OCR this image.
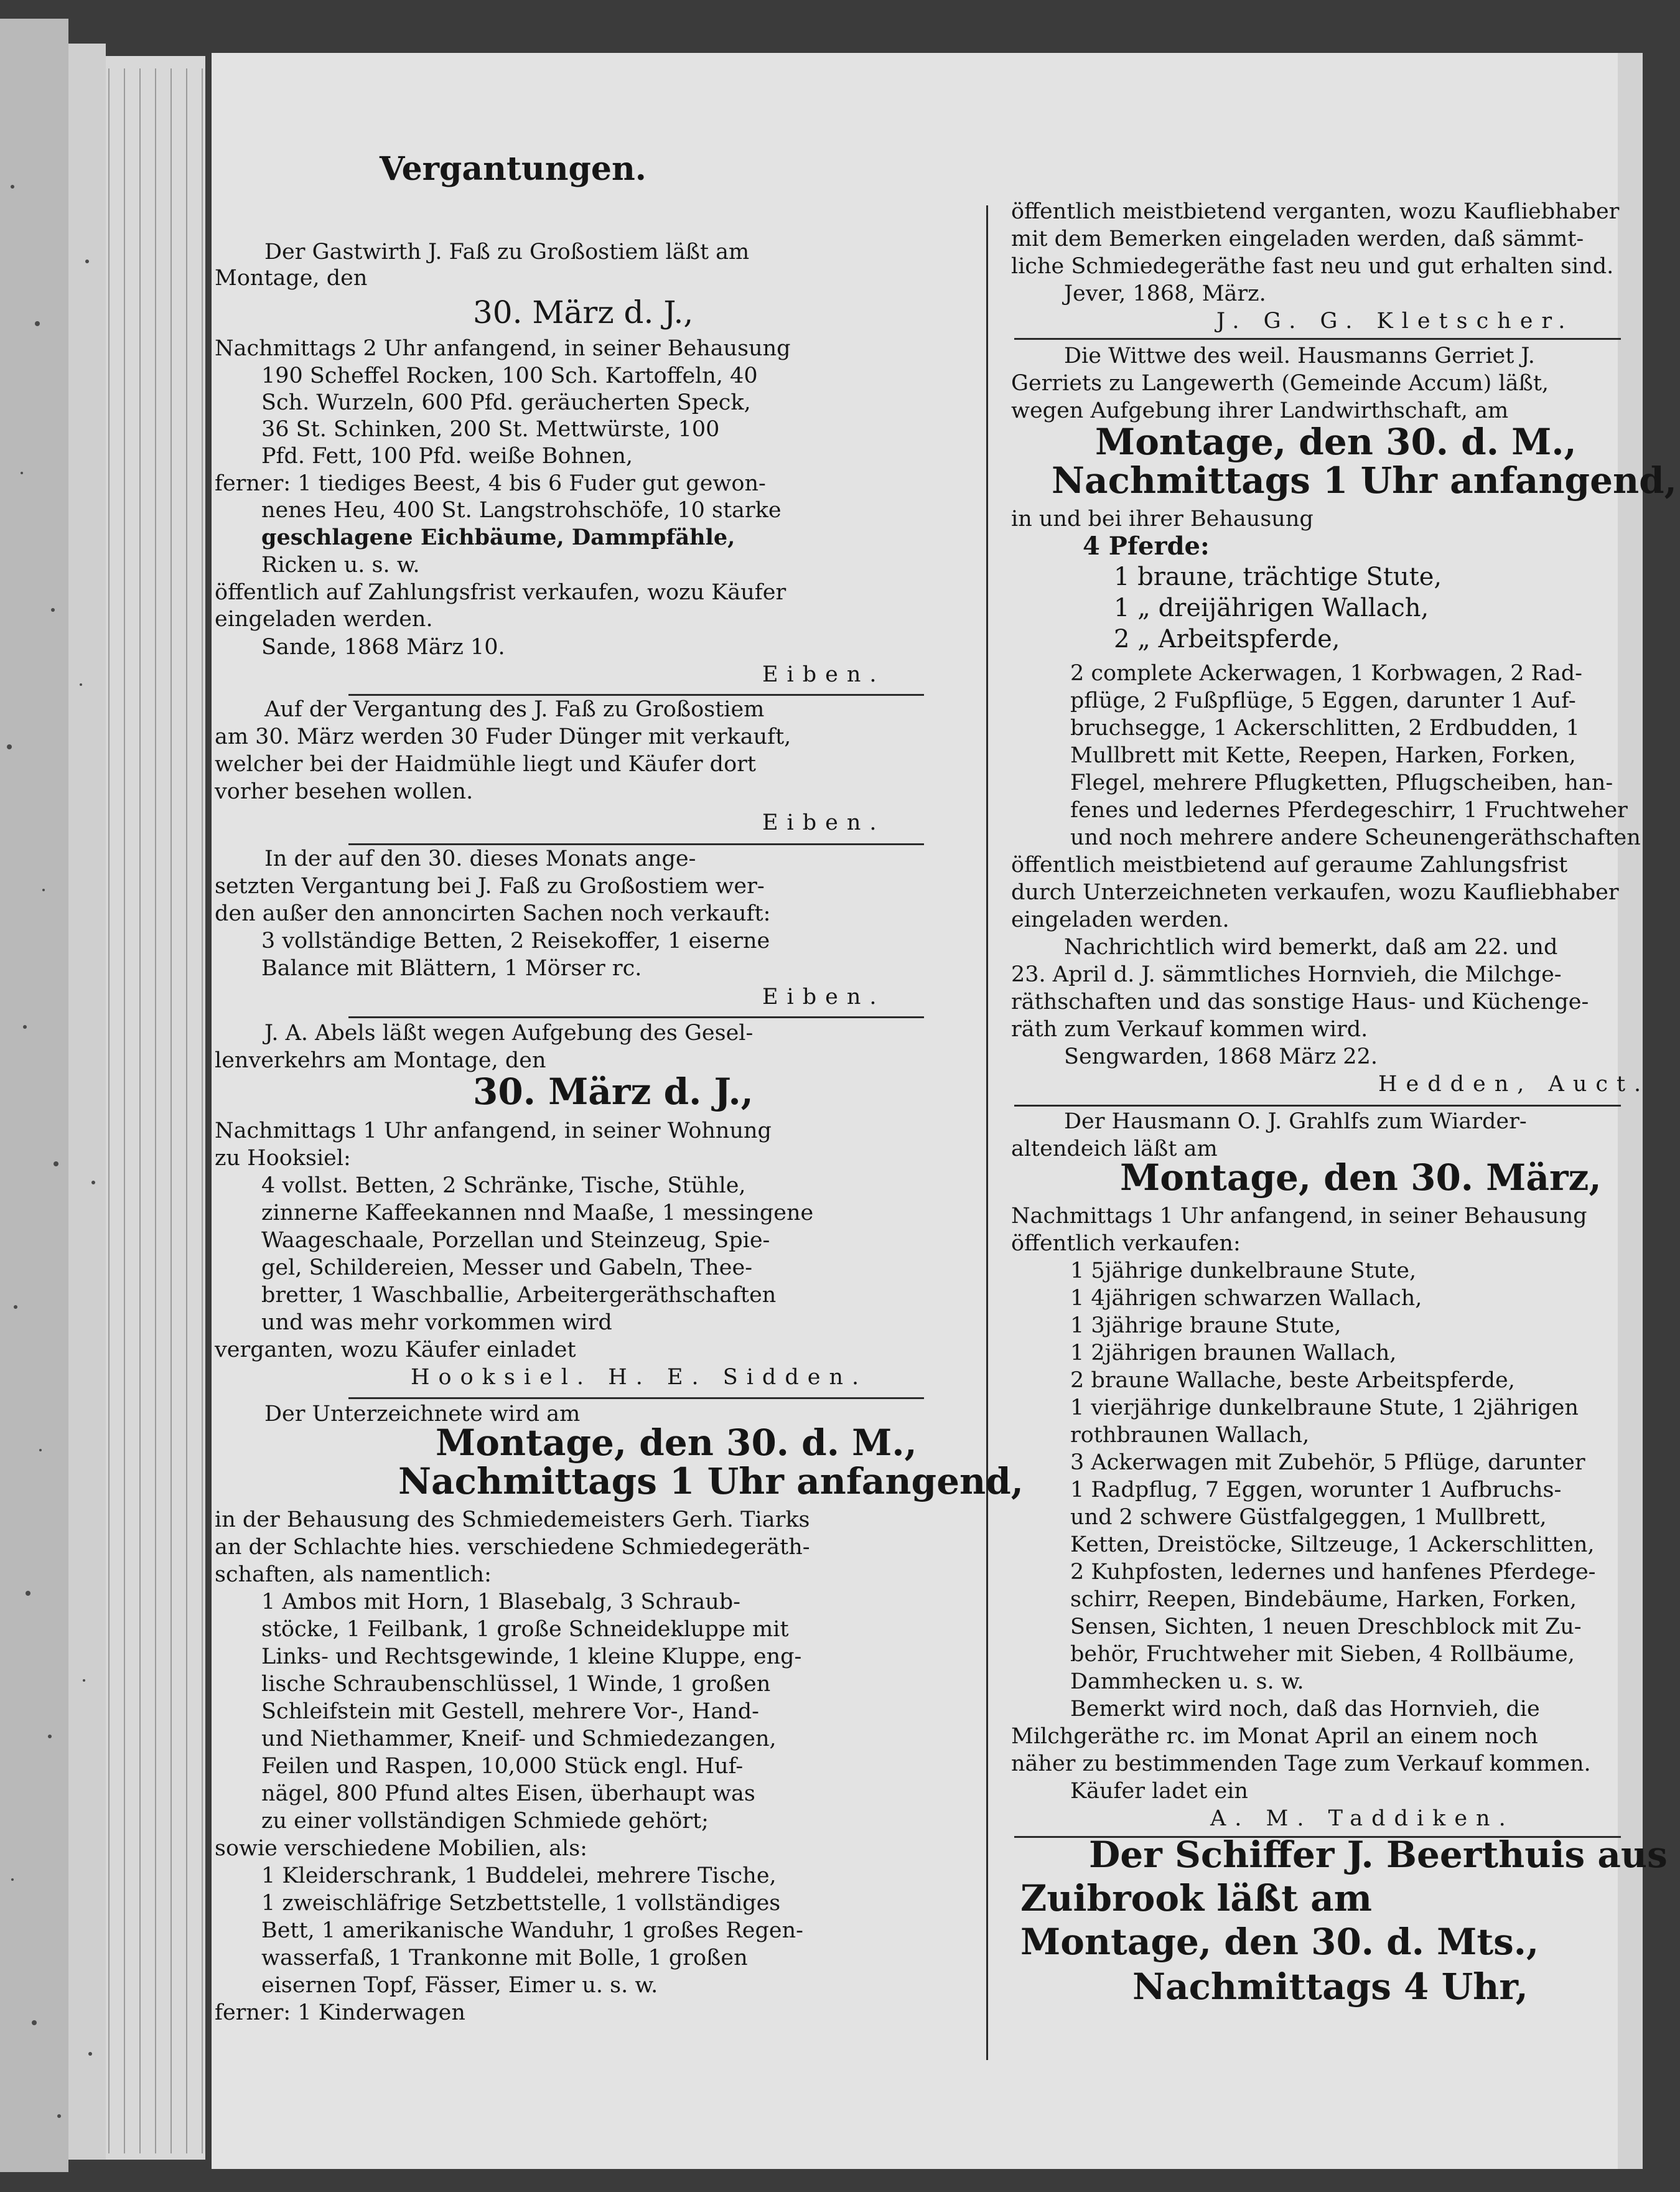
Vergantungen.
Der Gastwirth J. Faß zu Großostiem läßt am
Montage, den
30. März d. J.,
Nachmittags 2 Uhr anfangend, in seiner Behausung
190 Scheffel Rocken, 100 Sch. Kartoffeln, 40
Sch. Wurzeln, 600 Pfd. geräucherten Speck,
36 St. Schinken, 200 St. Mettwürste, 100
Pfd. Fett, 100 Pfd. weiße Bohnen,
ferner: 1 tiediges Beest, 4 bis 6 Fuder gut gewon-
nenes Heu, 400 St. Langstrohschöfe, 10 starke
geschlagene Eichbäume, Dammpfähle,
Ricken u. s. w.
öffentlich auf Zahlungsfrist verkaufen, wozu Käufer
eingeladen werden.
Sande, 1868 März 10.
Eiben.
Auf der Vergantung des J. Faß zu Großostiem
am 30. März werden 30 Fuder Dünger mit verkauft,
welcher bei der Haidmühle liegt und Käufer dort
vorher besehen wollen.
Eiben.
In der auf den 30. dieses Monats ange-
setzten Vergantung bei J. Faß zu Großostiem wer-
den außer den annoncirten Sachen noch verkauft:
3 vollständige Betten, 2 Reisekoffer, 1 eiserne
Balance mit Blättern, 1 Mörser rc.
Eiben.
J. A. Abels läßt wegen Aufgebung des Gesel-
lenverkehrs am Montage, den
30. März d. J.,
Nachmittags 1 Uhr anfangend, in seiner Wohnung
zu Hooksiel:
4 vollst. Betten, 2 Schränke, Tische, Stühle,
zinnerne Kaffeekannen nnd Maaße, 1 messingene
Waageschaale, Porzellan und Steinzeug, Spie-
gel, Schildereien, Messer und Gabeln, Thee-
bretter, 1 Waschballie, Arbeitergeräthschaften
und was mehr vorkommen wird
verganten, wozu Käufer einladet
Hooksiel. H. E. Sidden.
Der Unterzeichnete wird am
Montage, den 30. d. M.,
Nachmittags 1 Uhr anfangend,
in der Behausung des Schmiedemeisters Gerh. Tiarks
an der Schlachte hies. verschiedene Schmiedegeräth-
schaften, als namentlich:
1 Ambos mit Horn, 1 Blasebalg, 3 Schraub-
stöcke, 1 Feilbank, 1 große Schneidekluppe mit
Links- und Rechtsgewinde, 1 kleine Kluppe, eng-
lische Schraubenschlüssel, 1 Winde, 1 großen
Schleifstein mit Gestell, mehrere Vor-, Hand-
und Niethammer, Kneif- und Schmiedezangen,
Feilen und Raspen, 10,000 Stück engl. Huf-
nägel, 800 Pfund altes Eisen, überhaupt was
zu einer vollständigen Schmiede gehört;
sowie verschiedene Mobilien, als:
1 Kleiderschrank, 1 Buddelei, mehrere Tische,
1 zweischläfrige Setzbettstelle, 1 vollständiges
Bett, 1 amerikanische Wanduhr, 1 großes Regen-
wasserfaß, 1 Trankonne mit Bolle, 1 großen
eisernen Topf, Fässer, Eimer u. s. w.
ferner: 1 Kinderwagen
öffentlich meistbietend verganten, wozu Kaufliebhaber
mit dem Bemerken eingeladen werden, daß sämmt-
liche Schmiedegeräthe fast neu und gut erhalten sind.
Jever, 1868, März.
J. G. G. Kletscher.
Die Wittwe des weil. Hausmanns Gerriet J.
Gerriets zu Langewerth (Gemeinde Accum) läßt,
wegen Aufgebung ihrer Landwirthschaft, am
Montage, den 30. d. M.,
Nachmittags 1 Uhr anfangend,
in und bei ihrer Behausung
4 Pferde:
1 braune, trächtige Stute,
1 „ dreijährigen Wallach,
2 „ Arbeitspferde,
2 complete Ackerwagen, 1 Korbwagen, 2 Rad-
pflüge, 2 Fußpflüge, 5 Eggen, darunter 1 Auf-
bruchsegge, 1 Ackerschlitten, 2 Erdbudden, 1
Mullbrett mit Kette, Reepen, Harken, Forken,
Flegel, mehrere Pflugketten, Pflugscheiben, han-
fenes und ledernes Pferdegeschirr, 1 Fruchtweher
und noch mehrere andere Scheunengeräthschaften
öffentlich meistbietend auf geraume Zahlungsfrist
durch Unterzeichneten verkaufen, wozu Kaufliebhaber
eingeladen werden.
Nachrichtlich wird bemerkt, daß am 22. und
23. April d. J. sämmtliches Hornvieh, die Milchge-
räthschaften und das sonstige Haus- und Küchenge-
räth zum Verkauf kommen wird.
Sengwarden, 1868 März 22.
Hedden, Auct.
Der Hausmann O. J. Grahlfs zum Wiarder-
altendeich läßt am
Montage, den 30. März,
Nachmittags 1 Uhr anfangend, in seiner Behausung
öffentlich verkaufen:
1 5jährige dunkelbraune Stute,
1 4jährigen schwarzen Wallach,
1 3jährige braune Stute,
1 2jährigen braunen Wallach,
2 braune Wallache, beste Arbeitspferde,
1 vierjährige dunkelbraune Stute, 1 2jährigen
rothbraunen Wallach,
3 Ackerwagen mit Zubehör, 5 Pflüge, darunter
1 Radpflug, 7 Eggen, worunter 1 Aufbruchs-
und 2 schwere Güstfalgeggen, 1 Mullbrett,
Ketten, Dreistöcke, Siltzeuge, 1 Ackerschlitten,
2 Kuhpfosten, ledernes und hanfenes Pferdege-
schirr, Reepen, Bindebäume, Harken, Forken,
Sensen, Sichten, 1 neuen Dreschblock mit Zu-
behör, Fruchtweher mit Sieben, 4 Rollbäume,
Dammhecken u. s. w.
Bemerkt wird noch, daß das Hornvieh, die
Milchgeräthe rc. im Monat April an einem noch
näher zu bestimmenden Tage zum Verkauf kommen.
Käufer ladet ein
A. M. Taddiken.
Der Schiffer J. Beerthuis aus
Zuibrook läßt am
Montage, den 30. d. Mts.,
Nachmittags 4 Uhr,
